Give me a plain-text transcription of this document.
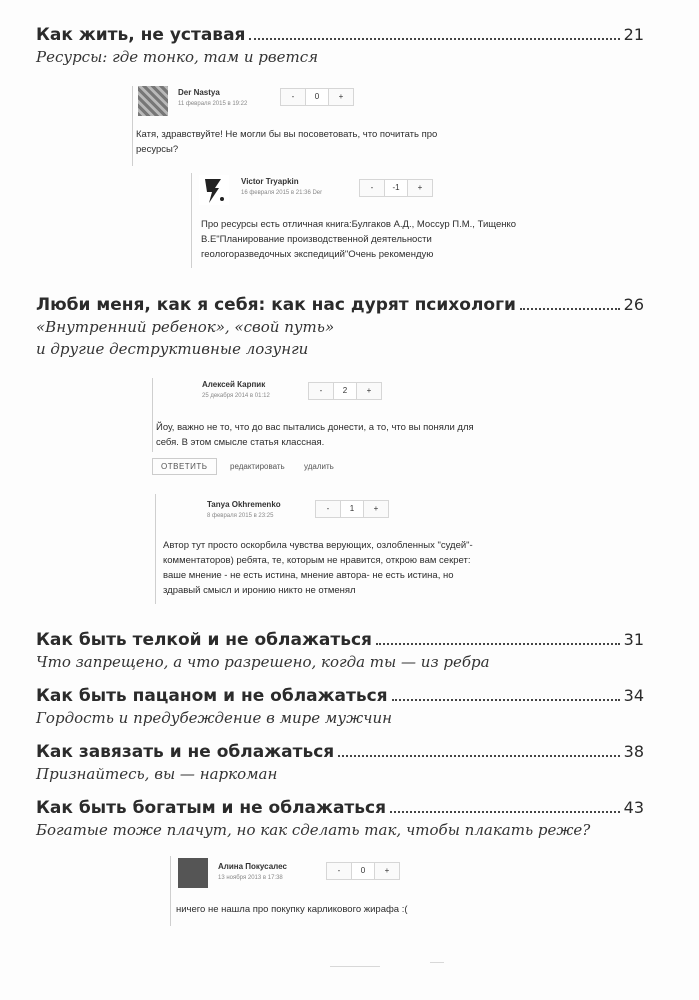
Как жить, не уставая	21
Ресурсы: где тонко, там и рвется
Der Nastya
11 февраля 2015 в 19:22
-	0	+
Катя, здравствуйте! Не могли бы вы посоветовать, что почитать про
ресурсы?
Victor Tryapkin
16 февраля 2015 в 21:36 Der
-	-1	+
Про ресурсы есть отличная книга:Булгаков А.Д., Моссур П.М., Тищенко
В.Е"Планирование производственной деятельности
геологоразведочных экспедиций"Очень рекомендую
Люби меня, как я себя: как нас дурят психологи	26
«Внутренний ребенок», «свой путь»
и другие деструктивные лозунги
Алексей Карпик
25 декабря 2014 в 01:12
-	2	+
Йоу, важно не то, что до вас пытались донести, а то, что вы поняли для
себя. В этом смысле статья классная.
ОТВЕТИТЬ	редактировать удалить
Tanya Okhremenko
8 февраля 2015 в 23:25
-	1	+
Автор тут просто оскорбила чувства верующих, озлобленных "судей"-
комментаторов) ребята, те, которым не нравится, открою вам секрет:
ваше мнение - не есть истина, мнение автора- не есть истина, но
здравый смысл и иронию никто не отменял
Как быть телкой и не облажаться	31
Что запрещено, а что разрешено, когда ты — из ребра
Как быть пацаном и не облажаться	34
Гордость и предубеждение в мире мужчин
Как завязать и не облажаться	38
Признайтесь, вы — наркоман
Как быть богатым и не облажаться	43
Богатые тоже плачут, но как сделать так, чтобы плакать реже?
Алина Покусалес
13 ноября 2013 в 17:38
-	0	+
ничего не нашла про покупку карликового жирафа :(
